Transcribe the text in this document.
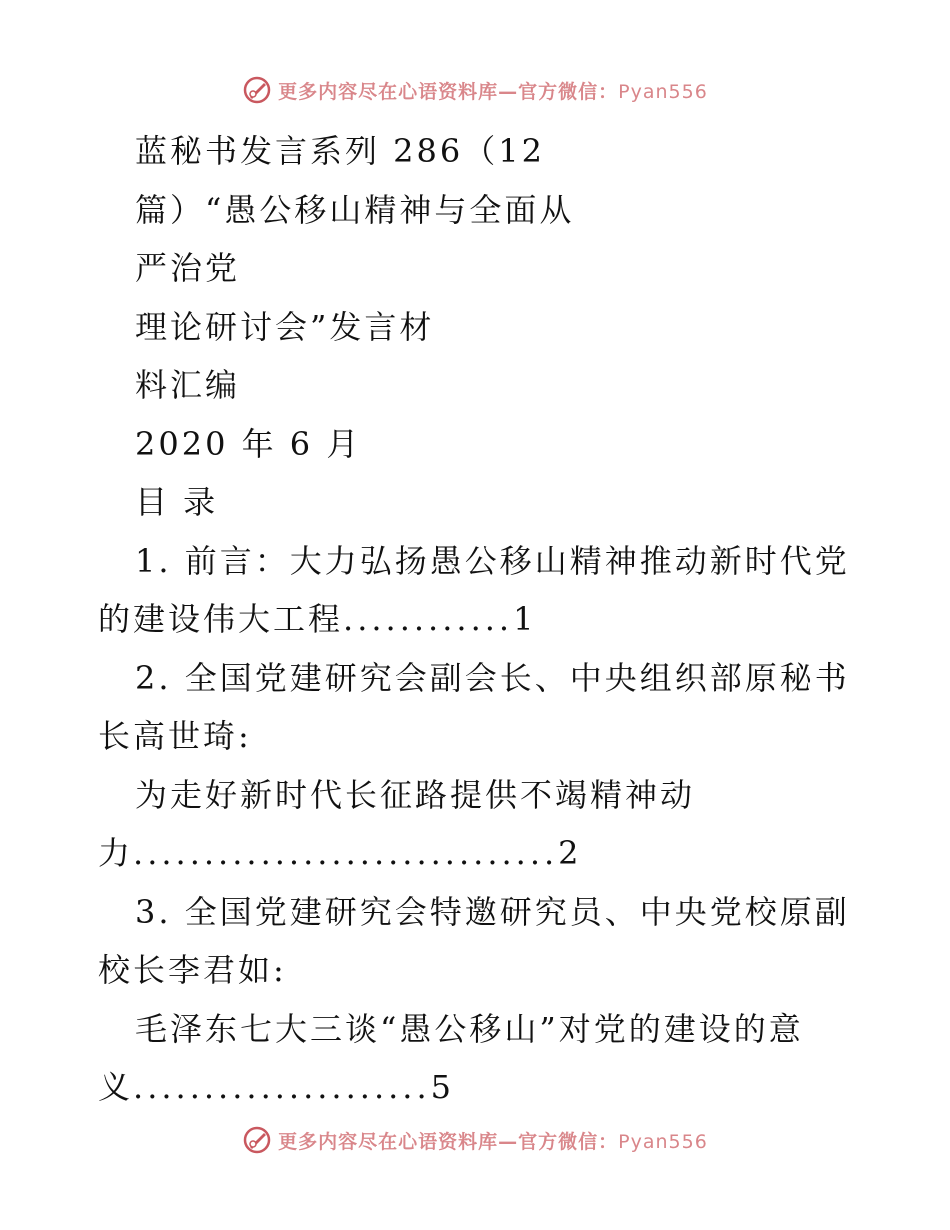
更多内容尽在心语资料库—官方微信：Pyan556
蓝秘书发言系列 286（12
篇）“愚公移山精神与全面从
严治党
理论研讨会”发言材
料汇编
2020 年 6 月
目 录
1. 前言：大力弘扬愚公移山精神推动新时代党
的建设伟大工程............1
2. 全国党建研究会副会长、中央组织部原秘书
长高世琦:
为走好新时代长征路提供不竭精神动
力..............................2
3. 全国党建研究会特邀研究员、中央党校原副
校长李君如:
毛泽东七大三谈“愚公移山”对党的建设的意
义.....................5
更多内容尽在心语资料库—官方微信：Pyan556
